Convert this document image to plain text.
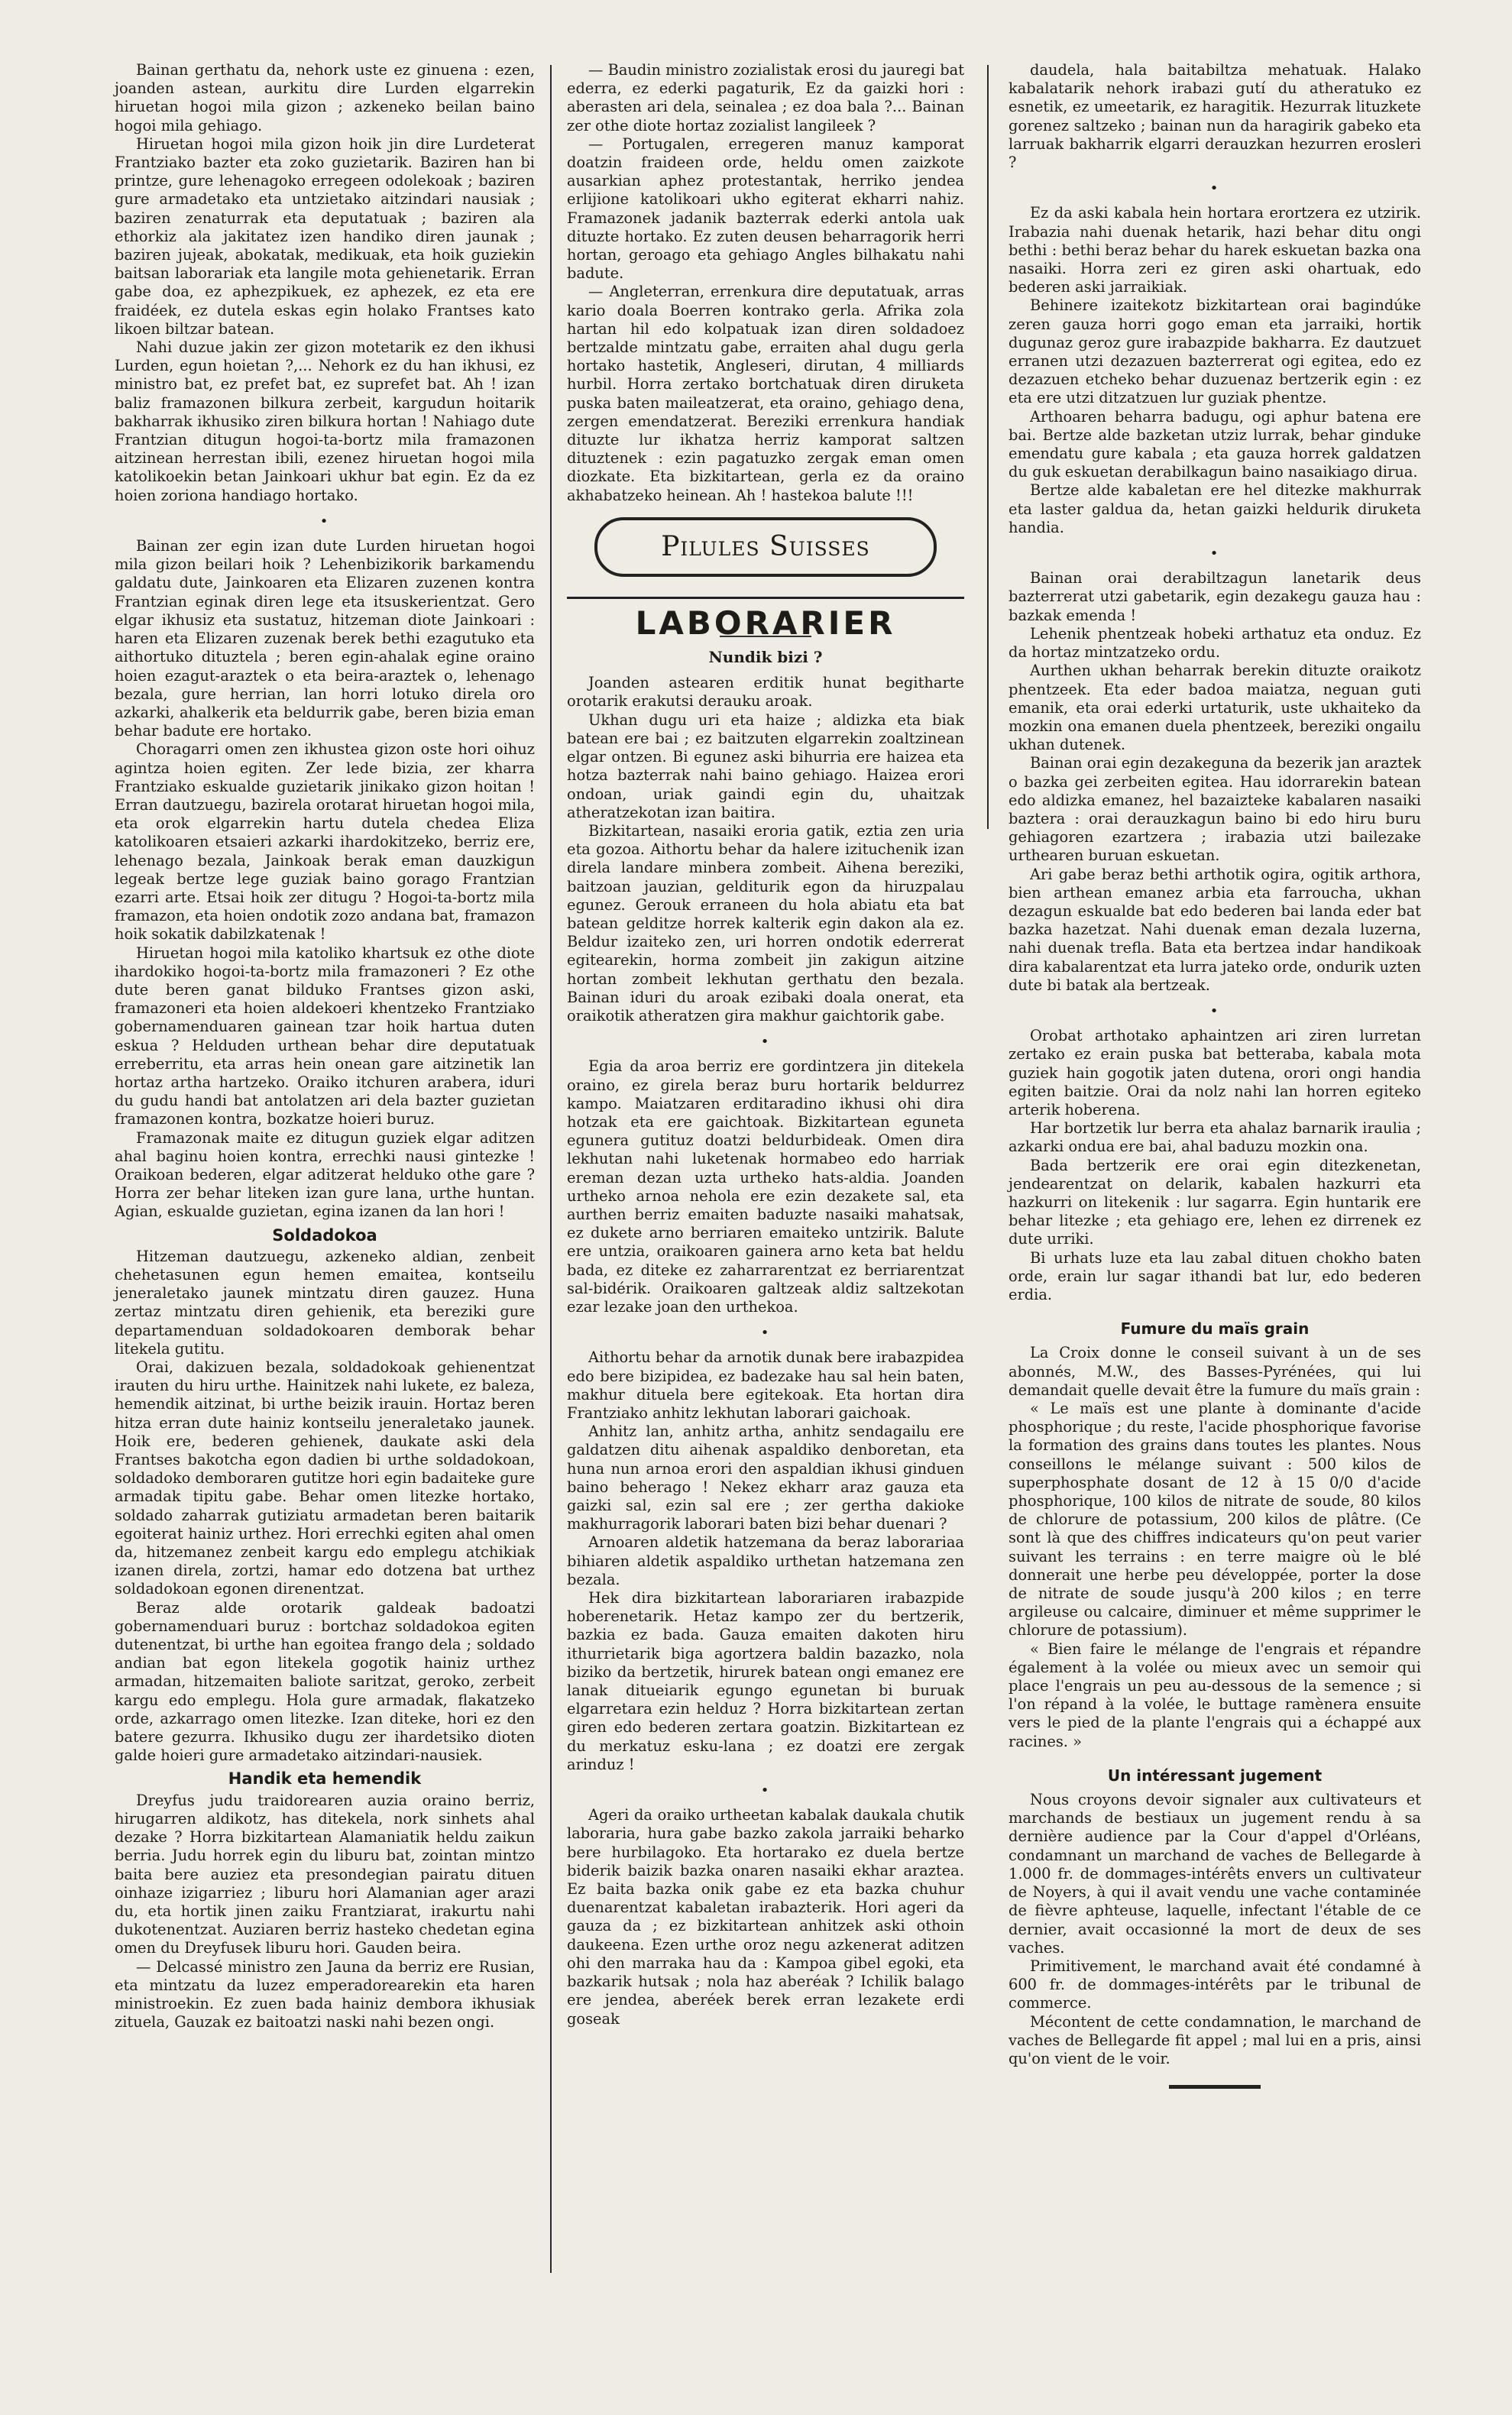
Bainan gerthatu da, nehork uste ez ginuena : ezen, joanden astean, aurkitu dire Lurden elgarrekin hiruetan hogoi mila gizon ; azkeneko beilan baino hogoi mila gehiago.

Hiruetan hogoi mila gizon hoik jin dire Lurdeterat Frantziako bazter eta zoko guzietarik. Baziren han bi printze, gure lehenagoko erregeen odolekoak ; baziren gure armadetako eta untzietako aitzindari nausiak ; baziren zenaturrak eta deputatuak ; baziren ala ethorkiz ala jakitatez izen handiko diren jaunak ; baziren jujeak, abokatak, medikuak, eta hoik guziekin baitsan laborariak eta langile mota gehienetarik. Erran gabe doa, ez aphezpikuek, ez aphezek, ez eta ere fraidéek, ez dutela eskas egin holako Frantses kato likoen biltzar batean.

Nahi duzue jakin zer gizon motetarik ez den ikhusi Lurden, egun hoietan ?,... Nehork ez du han ikhusi, ez ministro bat, ez prefet bat, ez suprefet bat. Ah ! izan baliz framazonen bilkura zerbeit, kargudun hoitarik bakharrak ikhusiko ziren bilkura hortan ! Nahiago dute Frantzian ditugun hogoi-ta-bortz mila framazonen aitzinean herrestan ibili, ezenez hiruetan hogoi mila katolikoekin betan Jainkoari ukhur bat egin. Ez da ez hoien zoriona handiago hortako.

•

Bainan zer egin izan dute Lurden hiruetan hogoi mila gizon beilari hoik ? Lehenbizikorik barkamendu galdatu dute, Jainkoaren eta Elizaren zuzenen kontra Frantzian eginak diren lege eta itsuskerientzat. Gero elgar ikhusiz eta sustatuz, hitzeman diote Jainkoari : haren eta Elizaren zuzenak berek bethi ezagutuko eta aithortuko dituztela ; beren egin-ahalak egine oraino hoien ezagut-araztek o eta beira-araztek o, lehenago bezala, gure herrian, lan horri lotuko direla oro azkarki, ahalkerik eta beldurrik gabe, beren bizia eman behar badute ere hortako.

Choragarri omen zen ikhustea gizon oste hori oihuz agintza hoien egiten. Zer lede bizia, zer kharra Frantziako eskualde guzietarik jinikako gizon hoitan ! Erran dautzuegu, bazirela orotarat hiruetan hogoi mila, eta orok elgarrekin hartu dutela chedea Eliza katolikoaren etsaieri azkarki ihardokitzeko, berriz ere, lehenago bezala, Jainkoak berak eman dauzkigun legeak bertze lege guziak baino gorago Frantzian ezarri arte. Etsai hoik zer ditugu ? Hogoi-ta-bortz mila framazon, eta hoien ondotik zozo andana bat, framazon hoik sokatik dabilzkatenak !

Hiruetan hogoi mila katoliko khartsuk ez othe diote ihardokiko hogoi-ta-bortz mila framazoneri ? Ez othe dute beren ganat bilduko Frantses gizon aski, framazoneri eta hoien aldekoeri khentzeko Frantziako gobernamenduaren gainean tzar hoik hartua duten eskua ? Helduden urthean behar dire deputatuak erreberritu, eta arras hein onean gare aitzinetik lan hortaz artha hartzeko. Oraiko itchuren arabera, iduri du gudu handi bat antolatzen ari dela bazter guzietan framazonen kontra, bozkatze hoieri buruz.

Framazonak maite ez ditugun guziek elgar aditzen ahal baginu hoien kontra, errechki nausi gintezke ! Oraikoan bederen, elgar aditzerat helduko othe gare ? Horra zer behar liteken izan gure lana, urthe huntan. Agian, eskualde guzietan, egina izanen da lan hori !

Soldadokoa

Hitzeman dautzuegu, azkeneko aldian, zenbeit chehetasunen egun hemen emaitea, kontseilu jeneraletako jaunek mintzatu diren gauzez. Huna zertaz mintzatu diren gehienik, eta bereziki gure departamenduan soldadokoaren demborak behar litekela gutitu.

Orai, dakizuen bezala, soldadokoak gehienentzat irauten du hiru urthe. Hainitzek nahi lukete, ez baleza, hemendik aitzinat, bi urthe beizik irauin. Hortaz beren hitza erran dute hainiz kontseilu jeneraletako jaunek. Hoik ere, bederen gehienek, daukate aski dela Frantses bakotcha egon dadien bi urthe soldadokoan, soldadoko demboraren gutitze hori egin badaiteke gure armadak tipitu gabe. Behar omen litezke hortako, soldado zaharrak gutiziatu armadetan beren baitarik egoiterat hainiz urthez. Hori errechki egiten ahal omen da, hitzemanez zenbeit kargu edo emplegu atchikiak izanen direla, zortzi, hamar edo dotzena bat urthez soldadokoan egonen direnentzat.

Beraz alde orotarik galdeak badoatzi gobernamenduari buruz : bortchaz soldadokoa egiten dutenentzat, bi urthe han egoitea frango dela ; soldado andian bat egon litekela gogotik hainiz urthez armadan, hitzemaiten baliote saritzat, geroko, zerbeit kargu edo emplegu. Hola gure armadak, flakatzeko orde, azkarrago omen litezke. Izan diteke, hori ez den batere gezurra. Ikhusiko dugu zer ihardetsiko dioten galde hoieri gure armadetako aitzindari-nausiek.

Handik eta hemendik

Dreyfus judu traidorearen auzia oraino berriz, hirugarren aldikotz, has ditekela, nork sinhets ahal dezake ? Horra bizkitartean Alamaniatik heldu zaikun berria. Judu horrek egin du liburu bat, zointan mintzo baita bere auziez eta presondegian pairatu dituen oinhaze izigarriez ; liburu hori Alamanian ager arazi du, eta hortik jinen zaiku Frantziarat, irakurtu nahi dukotenentzat. Auziaren berriz hasteko chedetan egina omen du Dreyfusek liburu hori. Gauden beira.

— Delcassé ministro zen Jauna da berriz ere Rusian, eta mintzatu da luzez emperadorearekin eta haren ministroekin. Ez zuen bada hainiz dembora ikhusiak zituela, Gauzak ez baitoatzi naski nahi bezen ongi.

— Baudin ministro zozialistak erosi du jauregi bat ederra, ez ederki pagaturik, Ez da gaizki hori : aberasten ari dela, seinalea ; ez doa bala ?... Bainan zer othe diote hortaz zozialist langileek ?

— Portugalen, erregeren manuz kamporat doatzin fraideen orde, heldu omen zaizkote ausarkian aphez protestantak, herriko jendea erlijione katolikoari ukho egiterat ekharri nahiz. Framazonek jadanik bazterrak ederki antola uak dituzte hortako. Ez zuten deusen beharragorik herri hortan, geroago eta gehiago Angles bilhakatu nahi badute.

— Angleterran, errenkura dire deputatuak, arras kario doala Boerren kontrako gerla. Afrika zola hartan hil edo kolpatuak izan diren soldadoez bertzalde mintzatu gabe, erraiten ahal dugu gerla hortako hastetik, Angleseri, dirutan, 4 milliards hurbil. Horra zertako bortchatuak diren diruketa puska baten maileatzerat, eta oraino, gehiago dena, zergen emendatzerat. Bereziki errenkura handiak dituzte lur ikhatza herriz kamporat saltzen dituztenek : ezin pagatuzko zergak eman omen diozkate. Eta bizkitartean, gerla ez da oraino akhabatzeko heinean. Ah ! hastekoa balute !!!

Pilules Suisses
LABORARIER
Nundik bizi ?

Joanden astearen erditik hunat begitharte orotarik erakutsi derauku aroak.

Ukhan dugu uri eta haize ; aldizka eta biak batean ere bai ; ez baitzuten elgarrekin zoaltzinean elgar ontzen. Bi egunez aski bihurria ere haizea eta hotza bazterrak nahi baino gehiago. Haizea erori ondoan, uriak gaindi egin du, uhaitzak atheratzekotan izan baitira.

Bizkitartean, nasaiki eroria gatik, eztia zen uria eta gozoa. Aithortu behar da halere izituchenik izan direla landare minbera zombeit. Aihena bereziki, baitzoan jauzian, gelditurik egon da hiruzpalau egunez. Gerouk erraneen du hola abiatu eta bat batean gelditze horrek kalterik egin dakon ala ez. Beldur izaiteko zen, uri horren ondotik ederrerat egitearekin, horma zombeit jin zakigun aitzine hortan zombeit lekhutan gerthatu den bezala. Bainan iduri du aroak ezibaki doala onerat, eta oraikotik atheratzen gira makhur gaichtorik gabe.

•

Egia da aroa berriz ere gordintzera jin ditekela oraino, ez girela beraz buru hortarik beldurrez kampo. Maiatzaren erditaradino ikhusi ohi dira hotzak eta ere gaichtoak. Bizkitartean eguneta egunera gutituz doatzi beldurbideak. Omen dira lekhutan nahi luketenak hormabeo edo harriak ereman dezan uzta urtheko hats-aldia. Joanden urtheko arnoa nehola ere ezin dezakete sal, eta aurthen berriz emaiten baduzte nasaiki mahatsak, ez dukete arno berriaren emaiteko untzirik. Balute ere untzia, oraikoaren gainera arno keta bat heldu bada, ez diteke ez zaharrarentzat ez berriarentzat sal-bidérik. Oraikoaren galtzeak aldiz saltzekotan ezar lezake joan den urthekoa.

•

Aithortu behar da arnotik dunak bere irabazpidea edo bere bizipidea, ez badezake hau sal hein baten, makhur dituela bere egitekoak. Eta hortan dira Frantziako anhitz lekhutan laborari gaichoak.

Anhitz lan, anhitz artha, anhitz sendagailu ere galdatzen ditu aihenak aspaldiko denboretan, eta huna nun arnoa erori den aspaldian ikhusi ginduen baino beherago ! Nekez ekharr araz gauza eta gaizki sal, ezin sal ere ; zer gertha dakioke makhurragorik laborari baten bizi behar duenari ?

Arnoaren aldetik hatzemana da beraz laborariaa bihiaren aldetik aspaldiko urthetan hatzemana zen bezala.

Hek dira bizkitartean laborariaren irabazpide hoberenetarik. Hetaz kampo zer du bertzerik, bazkia ez bada. Gauza emaiten dakoten hiru ithurrietarik biga agortzera baldin bazazko, nola biziko da bertzetik, hirurek batean ongi emanez ere lanak ditueiarik egungo egunetan bi buruak elgarretara ezin helduz ? Horra bizkitartean zertan giren edo bederen zertara goatzin. Bizkitartean ez du merkatuz esku-lana ; ez doatzi ere zergak arinduz !

•

Ageri da oraiko urtheetan kabalak daukala chutik laboraria, hura gabe bazko zakola jarraiki beharko bere hurbilagoko. Eta hortarako ez duela bertze biderik baizik bazka onaren nasaiki ekhar araztea. Ez baita bazka onik gabe ez eta bazka chuhur duenarentzat kabaletan irabazterik. Hori ageri da gauza da ; ez bizkitartean anhitzek aski othoin daukeena. Ezen urthe oroz negu azkenerat aditzen ohi den marraka hau da : Kampoa gibel egoki, eta bazkarik hutsak ; nola haz aberéak ? Ichilik balago ere jendea, aberéek berek erran lezakete erdi goseak

daudela, hala baitabiltza mehatuak. Halako kabalatarik nehork irabazi gutí du atheratuko ez esnetik, ez umeetarik, ez haragitik. Hezurrak lituzkete gorenez saltzeko ; bainan nun da haragirik gabeko eta larruak bakharrik elgarri derauzkan hezurren erosleri ?

•

Ez da aski kabala hein hortara erortzera ez utzirik. Irabazia nahi duenak hetarik, hazi behar ditu ongi bethi : bethi beraz behar du harek eskuetan bazka ona nasaiki. Horra zeri ez giren aski ohartuak, edo bederen aski jarraikiak.

Behinere izaitekotz bizkitartean orai bagindúke zeren gauza horri gogo eman eta jarraiki, hortik dugunaz geroz gure irabazpide bakharra. Ez dautzuet erranen utzi dezazuen bazterrerat ogi egitea, edo ez dezazuen etcheko behar duzuenaz bertzerik egin : ez eta ere utzi ditzatzuen lur guziak phentze.

Arthoaren beharra badugu, ogi aphur batena ere bai. Bertze alde bazketan utziz lurrak, behar ginduke emendatu gure kabala ; eta gauza horrek galdatzen du guk eskuetan derabilkagun baino nasaikiago dirua.

Bertze alde kabaletan ere hel ditezke makhurrak eta laster galdua da, hetan gaizki heldurik diruketa handia.

•

Bainan orai derabiltzagun lanetarik deus bazterrerat utzi gabetarik, egin dezakegu gauza hau : bazkak emenda !

Lehenik phentzeak hobeki arthatuz eta onduz. Ez da hortaz mintzatzeko ordu.

Aurthen ukhan beharrak berekin dituzte oraikotz phentzeek. Eta eder badoa maiatza, neguan guti emanik, eta orai ederki urtaturik, uste ukhaiteko da mozkin ona emanen duela phentzeek, bereziki ongailu ukhan dutenek.

Bainan orai egin dezakeguna da bezerik jan araztek o bazka gei zerbeiten egitea. Hau idorrarekin batean edo aldizka emanez, hel bazaizteke kabalaren nasaiki baztera : orai derauzkagun baino bi edo hiru buru gehiagoren ezartzera ; irabazia utzi bailezake urthearen buruan eskuetan.

Ari gabe beraz bethi arthotik ogira, ogitik arthora, bien arthean emanez arbia eta farroucha, ukhan dezagun eskualde bat edo bederen bai landa eder bat bazka hazetzat. Nahi duenak eman dezala luzerna, nahi duenak trefla. Bata eta bertzea indar handikoak dira kabalarentzat eta lurra jateko orde, ondurik uzten dute bi batak ala bertzeak.

•

Orobat arthotako aphaintzen ari ziren lurretan zertako ez erain puska bat betteraba, kabala mota guziek hain gogotik jaten dutena, orori ongi handia egiten baitzie. Orai da nolz nahi lan horren egiteko arterik hoberena.

Har bortzetik lur berra eta ahalaz barnarik iraulia ; azkarki ondua ere bai, ahal baduzu mozkin ona.

Bada bertzerik ere orai egin ditezkenetan, jendearentzat on delarik, kabalen hazkurri eta hazkurri on litekenik : lur sagarra. Egin huntarik ere behar litezke ; eta gehiago ere, lehen ez dirrenek ez dute urriki.

Bi urhats luze eta lau zabal dituen chokho baten orde, erain lur sagar ithandi bat lur, edo bederen erdia.

Fumure du maïs grain

La Croix donne le conseil suivant à un de ses abonnés, M.W., des Basses-Pyrénées, qui lui demandait quelle devait être la fumure du maïs grain :

« Le maïs est une plante à dominante d'acide phosphorique ; du reste, l'acide phosphorique favorise la formation des grains dans toutes les plantes. Nous conseillons le mélange suivant : 500 kilos de superphosphate dosant de 12 à 15 0/0 d'acide phosphorique, 100 kilos de nitrate de soude, 80 kilos de chlorure de potassium, 200 kilos de plâtre. (Ce sont là que des chiffres indicateurs qu'on peut varier suivant les terrains : en terre maigre où le blé donnerait une herbe peu développée, porter la dose de nitrate de soude jusqu'à 200 kilos ; en terre argileuse ou calcaire, diminuer et même supprimer le chlorure de potassium).

« Bien faire le mélange de l'engrais et répandre également à la volée ou mieux avec un semoir qui place l'engrais un peu au-dessous de la semence ; si l'on répand à la volée, le buttage ramènera ensuite vers le pied de la plante l'engrais qui a échappé aux racines. »

Un intéressant jugement

Nous croyons devoir signaler aux cultivateurs et marchands de bestiaux un jugement rendu à sa dernière audience par la Cour d'appel d'Orléans, condamnant un marchand de vaches de Bellegarde à 1.000 fr. de dommages-intérêts envers un cultivateur de Noyers, à qui il avait vendu une vache contaminée de fièvre aphteuse, laquelle, infectant l'étable de ce dernier, avait occasionné la mort de deux de ses vaches.

Primitivement, le marchand avait été condamné à 600 fr. de dommages-intérêts par le tribunal de commerce.

Mécontent de cette condamnation, le marchand de vaches de Bellegarde fit appel ; mal lui en a pris, ainsi qu'on vient de le voir.
